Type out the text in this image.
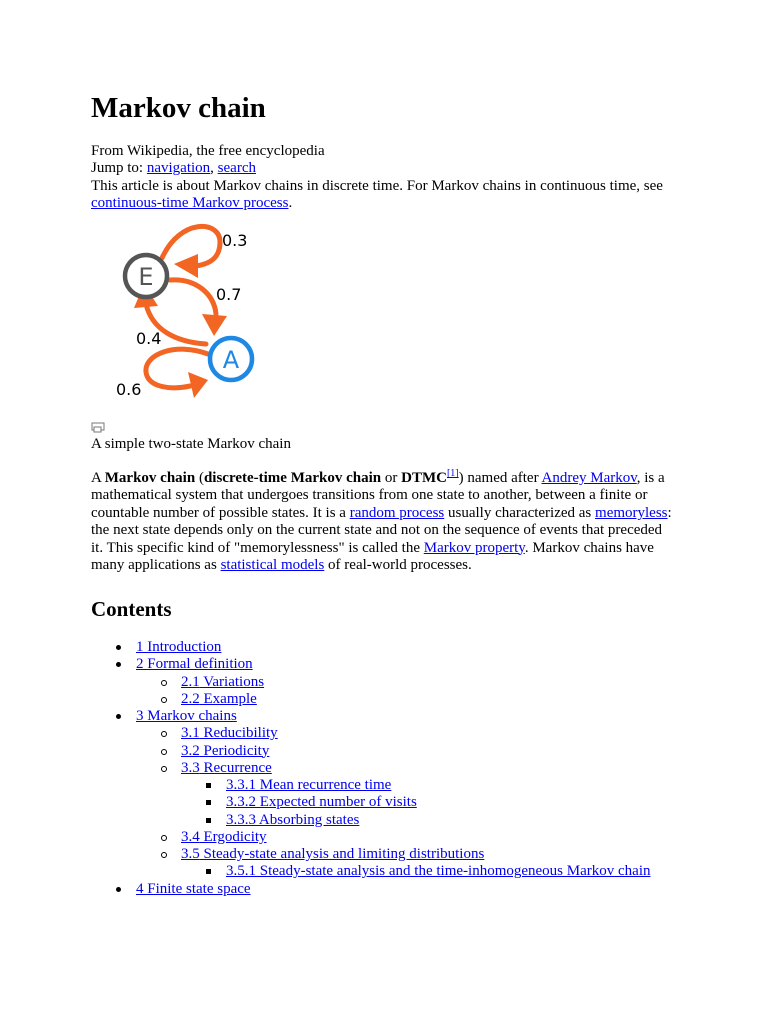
Markov chain
From Wikipedia, the free encyclopedia
Jump to: navigation, search
This article is about Markov chains in discrete time. For Markov chains in continuous time, see
continuous-time Markov process.
E
A
0.3
0.7
0.4
0.6
A simple two-state Markov chain
A Markov chain (discrete-time Markov chain or DTMC[1]) named after Andrey Markov, is a
mathematical system that undergoes transitions from one state to another, between a finite or
countable number of possible states. It is a random process usually characterized as memoryless:
the next state depends only on the current state and not on the sequence of events that preceded
it. This specific kind of "memorylessness" is called the Markov property. Markov chains have
many applications as statistical models of real-world processes.
Contents
1 Introduction
2 Formal definition
2.1 Variations
2.2 Example
3 Markov chains
3.1 Reducibility
3.2 Periodicity
3.3 Recurrence
3.3.1 Mean recurrence time
3.3.2 Expected number of visits
3.3.3 Absorbing states
3.4 Ergodicity
3.5 Steady-state analysis and limiting distributions
3.5.1 Steady-state analysis and the time-inhomogeneous Markov chain
4 Finite state space
